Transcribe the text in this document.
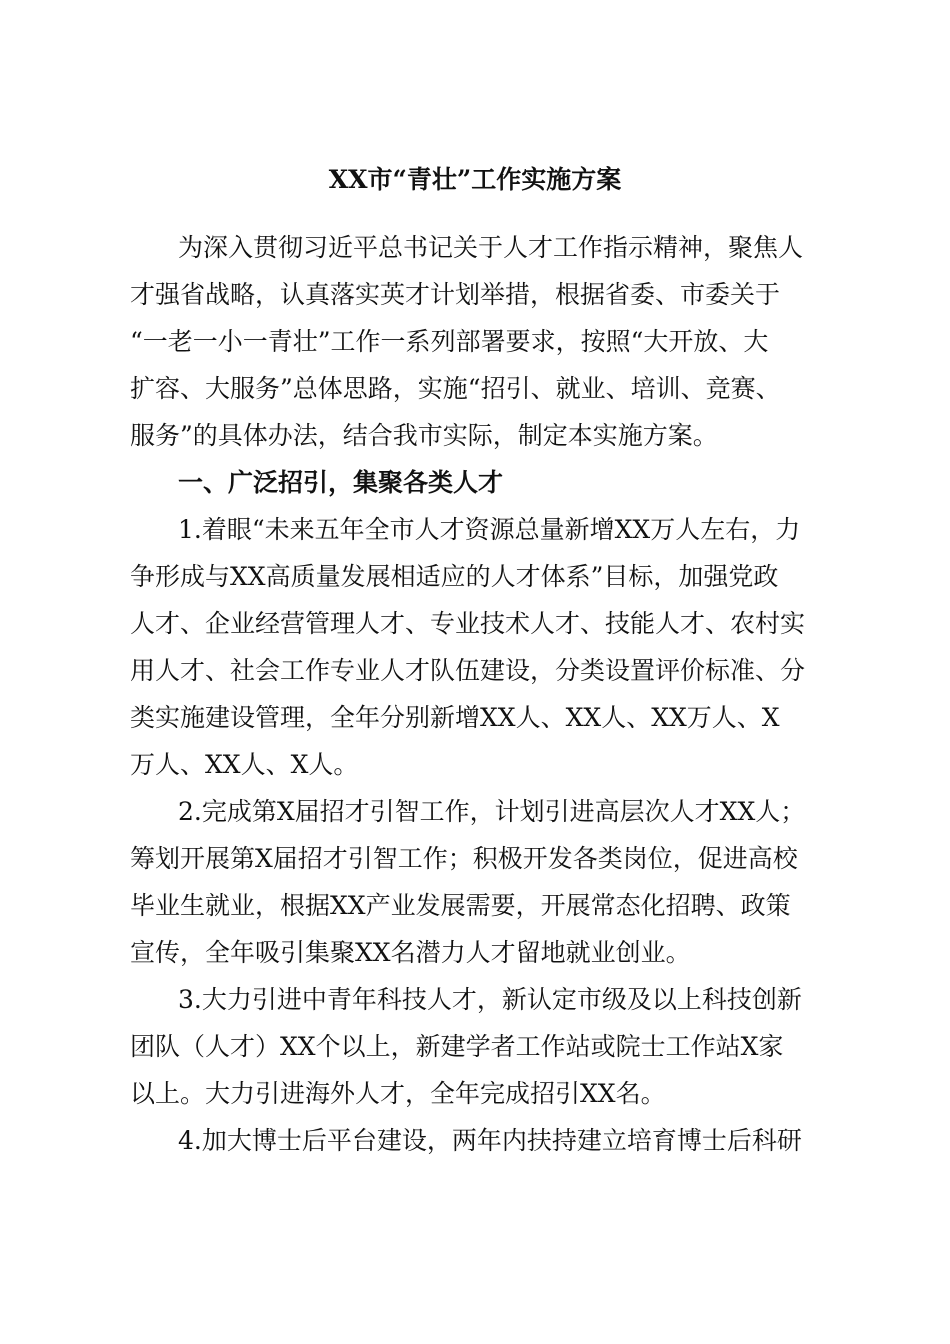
XX市“青壮”工作实施方案
为深入贯彻习近平总书记关于人才工作指示精神，聚焦人
才强省战略，认真落实英才计划举措，根据省委、市委关于
“一老一小一青壮”工作一系列部署要求，按照“大开放、大
扩容、大服务”总体思路，实施“招引、就业、培训、竞赛、
服务”的具体办法，结合我市实际，制定本实施方案。
一、广泛招引，集聚各类人才
1.着眼“未来五年全市人才资源总量新增XX万人左右，力
争形成与XX高质量发展相适应的人才体系”目标，加强党政
人才、企业经营管理人才、专业技术人才、技能人才、农村实
用人才、社会工作专业人才队伍建设，分类设置评价标准、分
类实施建设管理，全年分别新增XX人、XX人、XX万人、X
万人、XX人、X人。
2.完成第X届招才引智工作，计划引进高层次人才XX人；
筹划开展第X届招才引智工作；积极开发各类岗位，促进高校
毕业生就业，根据XX产业发展需要，开展常态化招聘、政策
宣传，全年吸引集聚XX名潜力人才留地就业创业。
3.大力引进中青年科技人才，新认定市级及以上科技创新
团队（人才）XX个以上，新建学者工作站或院士工作站X家
以上。大力引进海外人才，全年完成招引XX名。
4.加大博士后平台建设，两年内扶持建立培育博士后科研
